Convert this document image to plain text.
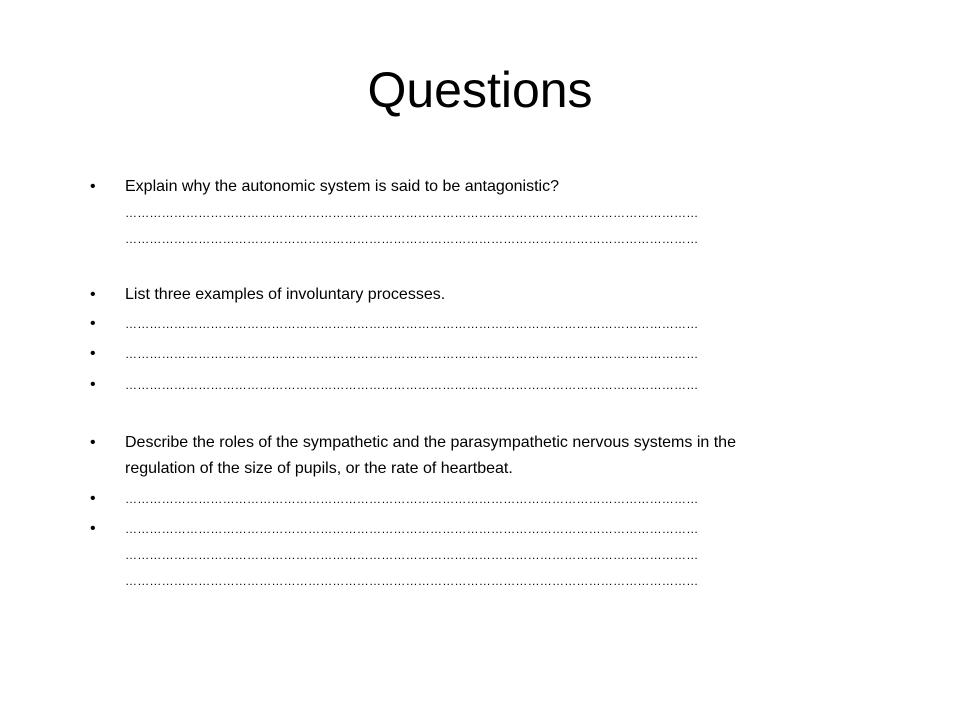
Questions
• Explain why the autonomic system is said to be antagonistic?
……………………………………………………………………………………………………………………………
……………………………………………………………………………………………………………………………
• List three examples of involuntary processes.
• ……………………………………………………………………………………………………………………………
• ……………………………………………………………………………………………………………………………
• ……………………………………………………………………………………………………………………………
• Describe the roles of the sympathetic and the parasympathetic nervous systems in the
regulation of the size of pupils, or the rate of heartbeat.
• ……………………………………………………………………………………………………………………………
• ……………………………………………………………………………………………………………………………
……………………………………………………………………………………………………………………………
……………………………………………………………………………………………………………………………
